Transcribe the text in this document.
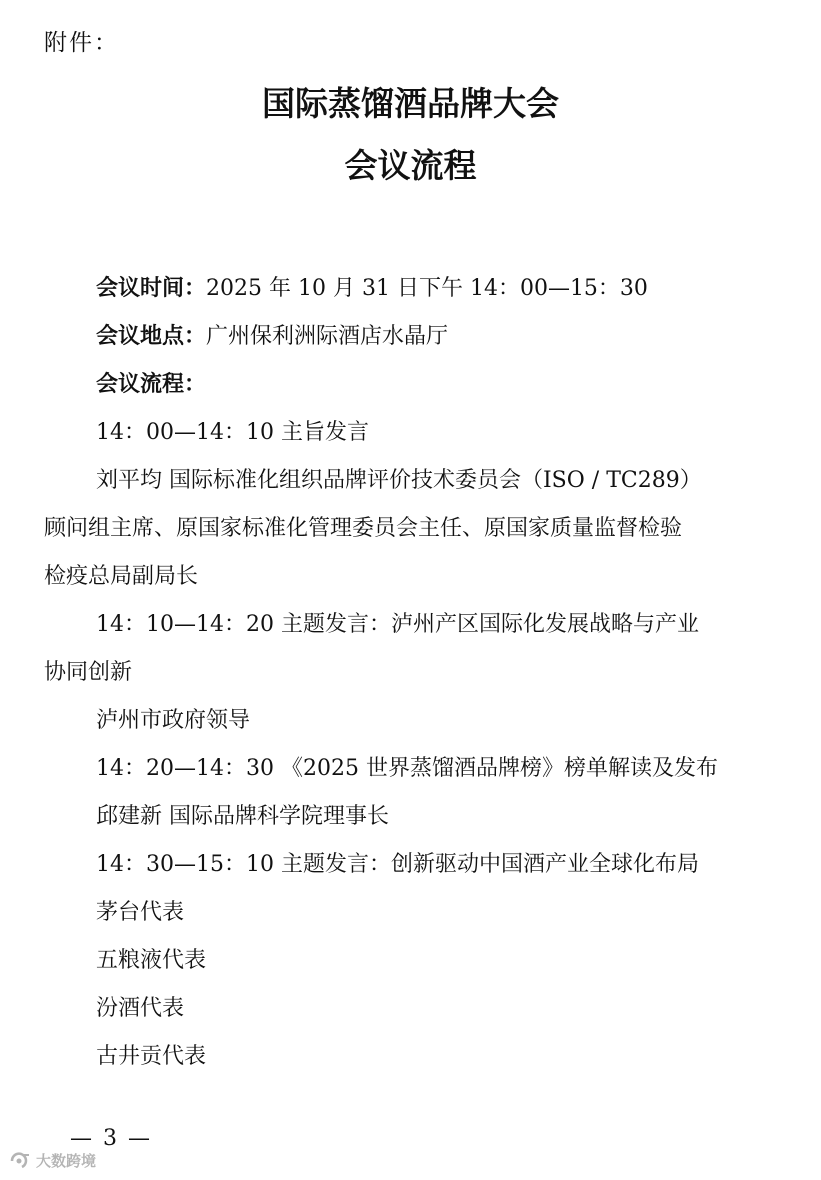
附件：
国际蒸馏酒品牌大会
会议流程
会议时间：2025 年 10 月 31 日下午 14：00—15：30
会议地点：广州保利洲际酒店水晶厅
会议流程：
14：00—14：10 主旨发言
刘平均 国际标准化组织品牌评价技术委员会（ISO / TC289）
顾问组主席、原国家标准化管理委员会主任、原国家质量监督检验
检疫总局副局长
14：10—14：20 主题发言：泸州产区国际化发展战略与产业
协同创新
泸州市政府领导
14：20—14：30 《2025 世界蒸馏酒品牌榜》榜单解读及发布
邱建新 国际品牌科学院理事长
14：30—15：10 主题发言：创新驱动中国酒产业全球化布局
茅台代表
五粮液代表
汾酒代表
古井贡代表
— 3 —
大数跨境
